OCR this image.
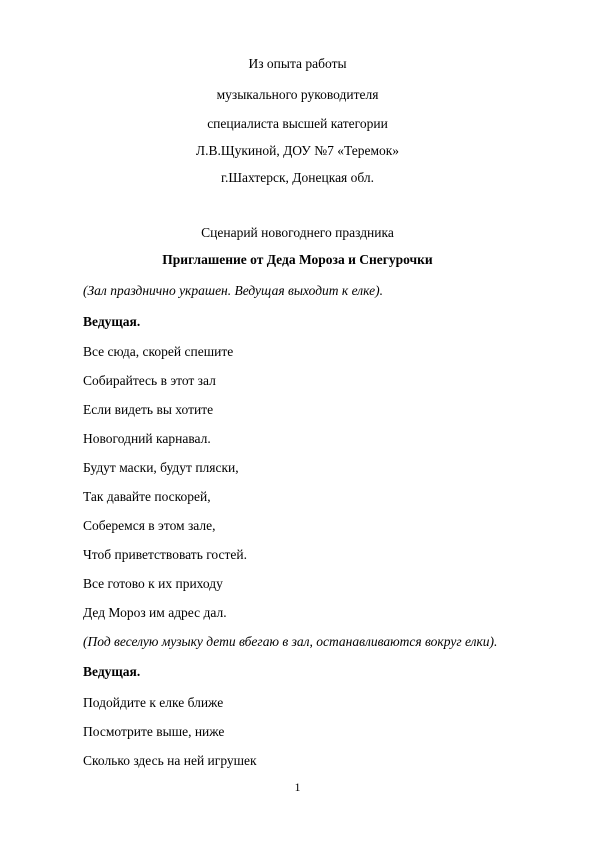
Из опыта работы
музыкального руководителя
специалиста высшей категории
Л.В.Щукиной, ДОУ №7 «Теремок»
г.Шахтерск, Донецкая обл.
Сценарий новогоднего праздника
Приглашение от Деда Мороза и Снегурочки
(Зал празднично украшен. Ведущая выходит к елке).
Ведущая.
Все сюда, скорей спешите
Собирайтесь в этот зал
Если видеть вы хотите
Новогодний карнавал.
Будут маски, будут пляски,
Так давайте поскорей,
Соберемся в этом зале,
Чтоб приветствовать гостей.
Все готово к их приходу
Дед Мороз им адрес дал.
(Под веселую музыку дети вбегаю в зал, останавливаются вокруг елки).
Ведущая.
Подойдите к елке ближе
Посмотрите выше, ниже
Сколько здесь на ней игрушек
1
